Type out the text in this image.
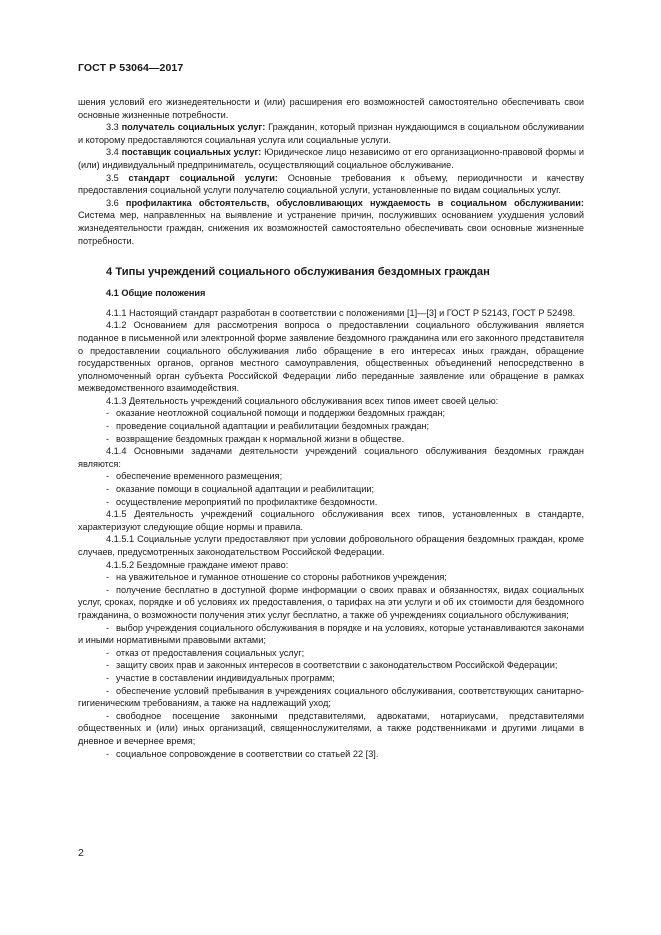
ГОСТ Р 53064—2017

шения условий его жизнедеятельности и (или) расширения его возможностей самостоятельно обеспечивать свои основные жизненные потребности.

3.3 получатель социальных услуг: Гражданин, который признан нуждающимся в социальном обслуживании и которому предоставляются социальная услуга или социальные услуги.

3.4 поставщик социальных услуг: Юридическое лицо независимо от его организационно-правовой формы и (или) индивидуальный предприниматель, осуществляющий социальное обслуживание.

3.5 стандарт социальной услуги: Основные требования к объему, периодичности и качеству предоставления социальной услуги получателю социальной услуги, установленные по видам социальных услуг.

3.6 профилактика обстоятельств, обусловливающих нуждаемость в социальном обслуживании: Система мер, направленных на выявление и устранение причин, послуживших основанием ухудшения условий жизнедеятельности граждан, снижения их возможностей самостоятельно обеспечивать свои основные жизненные потребности.

4 Типы учреждений социального обслуживания бездомных граждан

4.1 Общие положения

4.1.1 Настоящий стандарт разработан в соответствии с положениями [1]—[3] и ГОСТ Р 52143, ГОСТ Р 52498.

4.1.2 Основанием для рассмотрения вопроса о предоставлении социального обслуживания является поданное в письменной или электронной форме заявление бездомного гражданина или его законного представителя о предоставлении социального обслуживания либо обращение в его интересах иных граждан, обращение государственных органов, органов местного самоуправления, общественных объединений непосредственно в уполномоченный орган субъекта Российской Федерации либо переданные заявление или обращение в рамках межведомственного взаимодействия.

4.1.3 Деятельность учреждений социального обслуживания всех типов имеет своей целью:

- оказание неотложной социальной помощи и поддержки бездомных граждан;

- проведение социальной адаптации и реабилитации бездомных граждан;

- возвращение бездомных граждан к нормальной жизни в обществе.

4.1.4 Основными задачами деятельности учреждений социального обслуживания бездомных граждан являются:

- обеспечение временного размещения;

- оказание помощи в социальной адаптации и реабилитации;

- осуществление мероприятий по профилактике бездомности.

4.1.5 Деятельность учреждений социального обслуживания всех типов, установленных в стандарте, характеризуют следующие общие нормы и правила.

4.1.5.1 Социальные услуги предоставляют при условии добровольного обращения бездомных граждан, кроме случаев, предусмотренных законодательством Российской Федерации.

4.1.5.2 Бездомные граждане имеют право:

- на уважительное и гуманное отношение со стороны работников учреждения;

- получение бесплатно в доступной форме информации о своих правах и обязанностях, видах социальных услуг, сроках, порядке и об условиях их предоставления, о тарифах на эти услуги и об их стоимости для бездомного гражданина, о возможности получения этих услуг бесплатно, а также об учреждениях социального обслуживания;

- выбор учреждения социального обслуживания в порядке и на условиях, которые устанавливаются законами и иными нормативными правовыми актами;

- отказ от предоставления социальных услуг;

- защиту своих прав и законных интересов в соответствии с законодательством Российской Федерации;

- участие в составлении индивидуальных программ;

- обеспечение условий пребывания в учреждениях социального обслуживания, соответствующих санитарно-гигиеническим требованиям, а также на надлежащий уход;

- свободное посещение законными представителями, адвокатами, нотариусами, представителями общественных и (или) иных организаций, священнослужителями, а также родственниками и другими лицами в дневное и вечернее время;

- социальное сопровождение в соответствии со статьей 22 [3].

2
